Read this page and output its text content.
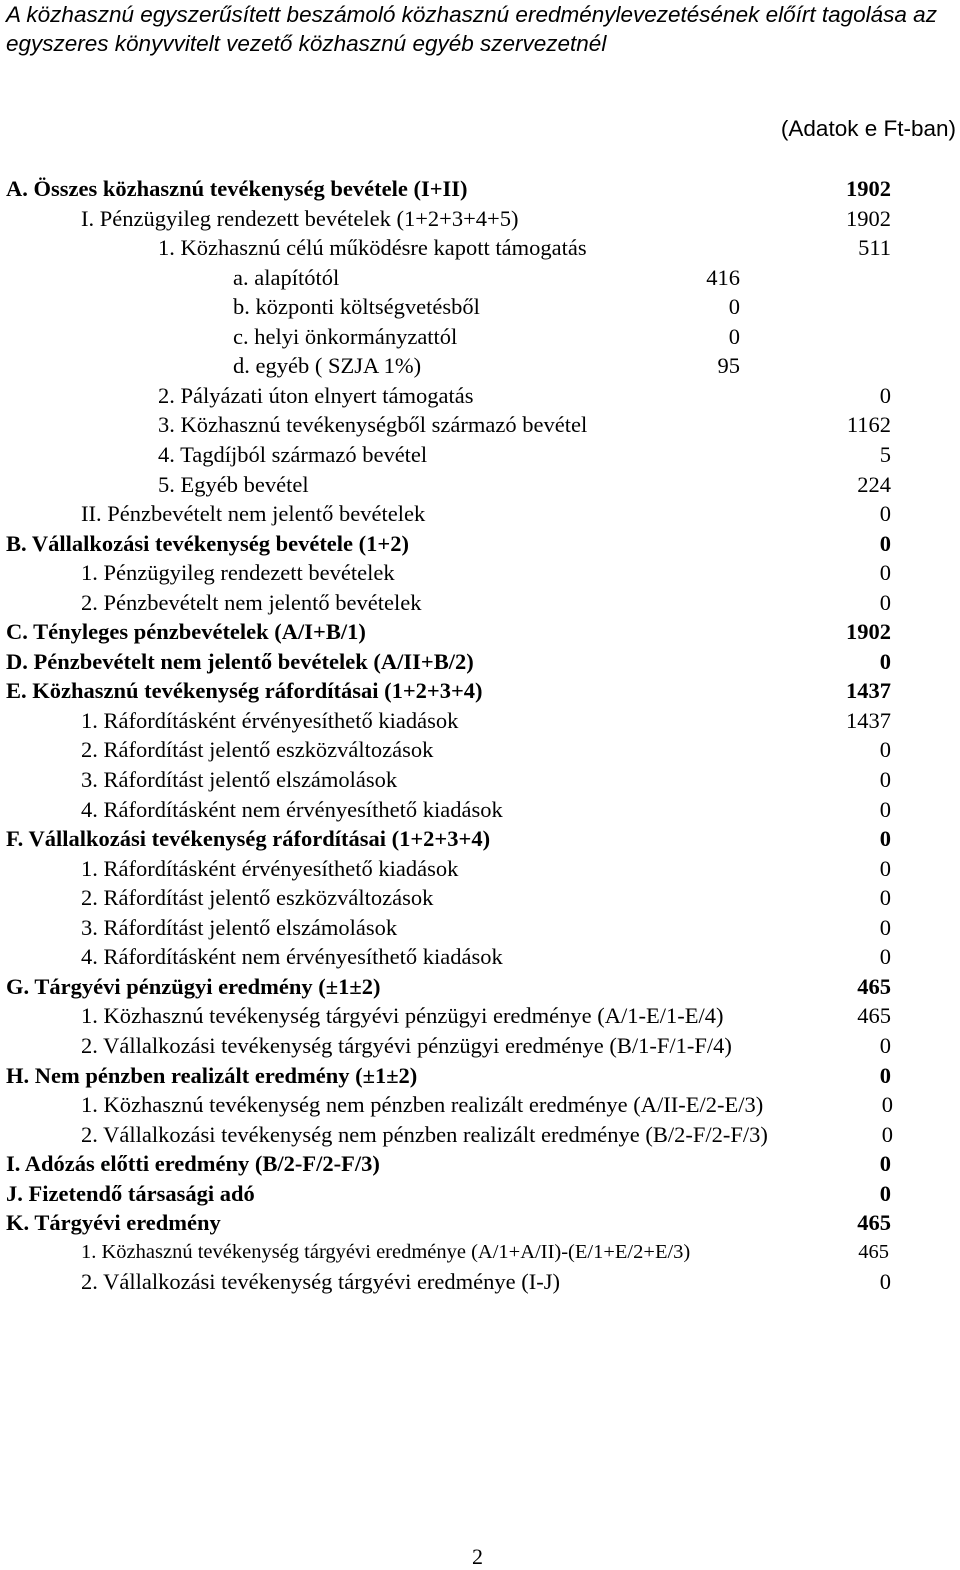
A közhasznú egyszerűsített beszámoló közhasznú eredménylevezetésének előírt tagolása az egyszeres könyvvitelt vezető közhasznú egyéb szervezetnél
(Adatok e Ft-ban)
A. Összes közhasznú tevékenység bevétele (I+II)	1902
I. Pénzügyileg rendezett bevételek (1+2+3+4+5)	1902
1. Közhasznú célú működésre kapott támogatás	511
a. alapítótól	416
b. központi költségvetésből	0
c. helyi önkormányzattól	0
d. egyéb ( SZJA 1%)	95
2. Pályázati úton elnyert támogatás	0
3. Közhasznú tevékenységből származó bevétel	1162
4. Tagdíjból származó bevétel	5
5. Egyéb bevétel	224
II. Pénzbevételt nem jelentő bevételek	0
B. Vállalkozási tevékenység bevétele (1+2)	0
1. Pénzügyileg rendezett bevételek	0
2. Pénzbevételt nem jelentő bevételek	0
C. Tényleges pénzbevételek (A/I+B/1)	1902
D. Pénzbevételt nem jelentő bevételek (A/II+B/2)	0
E. Közhasznú tevékenység ráfordításai (1+2+3+4)	1437
1. Ráfordításként érvényesíthető kiadások	1437
2. Ráfordítást jelentő eszközváltozások	0
3. Ráfordítást jelentő elszámolások	0
4. Ráfordításként nem érvényesíthető kiadások	0
F. Vállalkozási tevékenység ráfordításai (1+2+3+4)	0
1. Ráfordításként érvényesíthető kiadások	0
2. Ráfordítást jelentő eszközváltozások	0
3. Ráfordítást jelentő elszámolások	0
4. Ráfordításként nem érvényesíthető kiadások	0
G. Tárgyévi pénzügyi eredmény (±1±2)	465
1. Közhasznú tevékenység tárgyévi pénzügyi eredménye (A/1-E/1-E/4)	465
2. Vállalkozási tevékenység tárgyévi pénzügyi eredménye (B/1-F/1-F/4)	0
H. Nem pénzben realizált eredmény (±1±2)	0
1. Közhasznú tevékenység nem pénzben realizált eredménye (A/II-E/2-E/3)	0
2. Vállalkozási tevékenység nem pénzben realizált eredménye (B/2-F/2-F/3)	0
I. Adózás előtti eredmény (B/2-F/2-F/3)	0
J. Fizetendő társasági adó	0
K. Tárgyévi eredmény	465
1. Közhasznú tevékenység tárgyévi eredménye (A/1+A/II)-(E/1+E/2+E/3)	465
2. Vállalkozási tevékenység tárgyévi eredménye (I-J)	0
2
